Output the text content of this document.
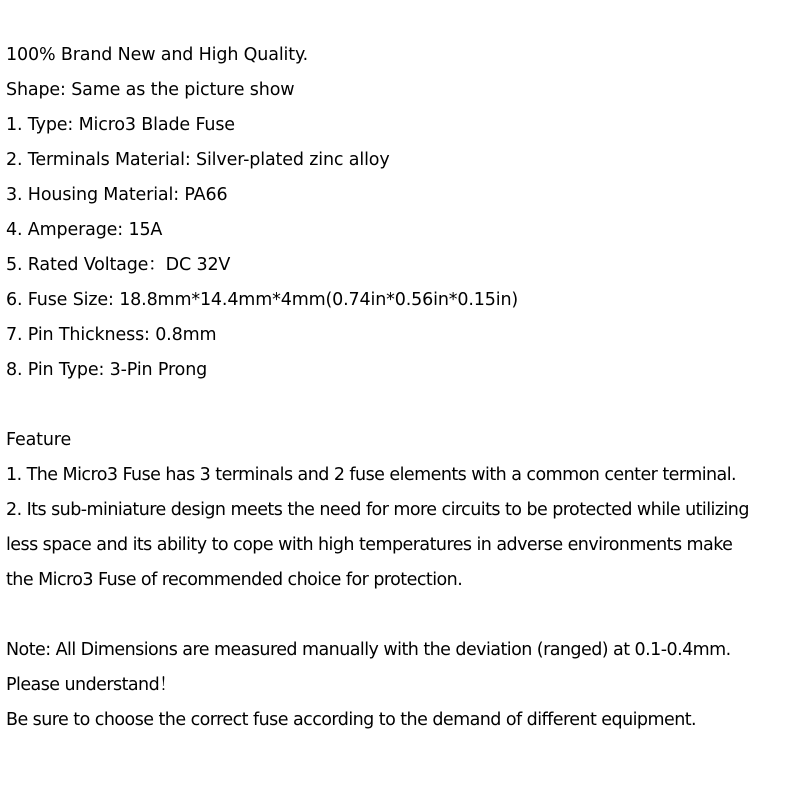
100% Brand New and High Quality.
Shape: Same as the picture show
1. Type: Micro3 Blade Fuse
2. Terminals Material: Silver-plated zinc alloy
3. Housing Material: PA66
4. Amperage: 15A
5. Rated Voltage：DC 32V
6. Fuse Size: 18.8mm*14.4mm*4mm(0.74in*0.56in*0.15in)
7. Pin Thickness: 0.8mm
8. Pin Type: 3-Pin Prong
Feature
1. The Micro3 Fuse has 3 terminals and 2 fuse elements with a common center terminal.
2. Its sub-miniature design meets the need for more circuits to be protected while utilizing
less space and its ability to cope with high temperatures in adverse environments make
the Micro3 Fuse of recommended choice for protection.
Note: All Dimensions are measured manually with the deviation (ranged) at 0.1-0.4mm.
Please understand！
Be sure to choose the correct fuse according to the demand of different equipment.
